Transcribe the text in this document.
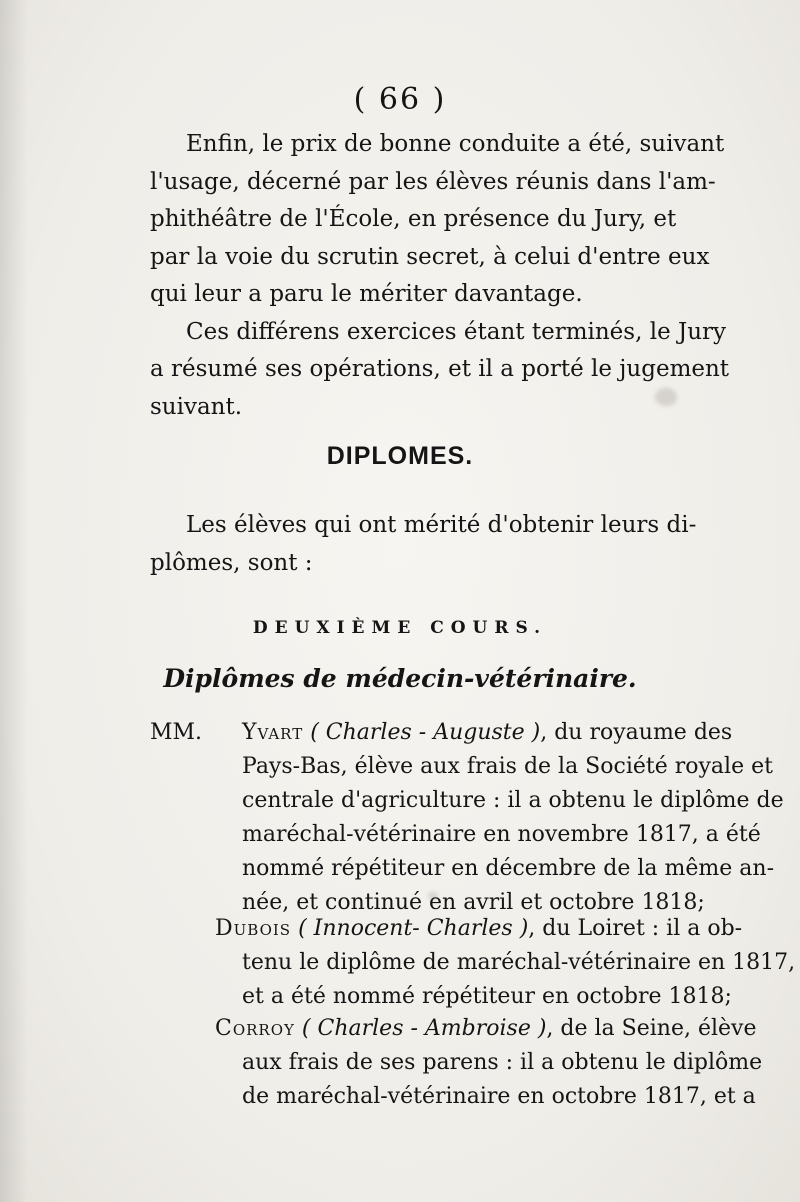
( 66 )

Enfin, le prix de bonne conduite a été, suivant
l'usage, décerné par les élèves réunis dans l'am-
phithéâtre de l'École, en présence du Jury, et
par la voie du scrutin secret, à celui d'entre eux
qui leur a paru le mériter davantage.

Ces différens exercices étant terminés, le Jury
a résumé ses opérations, et il a porté le jugement
suivant.

DIPLOMES.

Les élèves qui ont mérité d'obtenir leurs di-
plômes, sont :

DEUXIÈME COURS.
Diplômes de médecin-vétérinaire.
MM. Yvart ( Charles - Auguste ), du royaume des
Pays-Bas, élève aux frais de la Société royale et
centrale d'agriculture : il a obtenu le diplôme de
maréchal-vétérinaire en novembre 1817, a été
nommé répétiteur en décembre de la même an-
née, et continué en avril et octobre 1818;
Dubois ( Innocent- Charles ), du Loiret : il a ob-
tenu le diplôme de maréchal-vétérinaire en 1817,
et a été nommé répétiteur en octobre 1818;
Corroy ( Charles - Ambroise ), de la Seine, élève
aux frais de ses parens : il a obtenu le diplôme
de maréchal-vétérinaire en octobre 1817, et a
